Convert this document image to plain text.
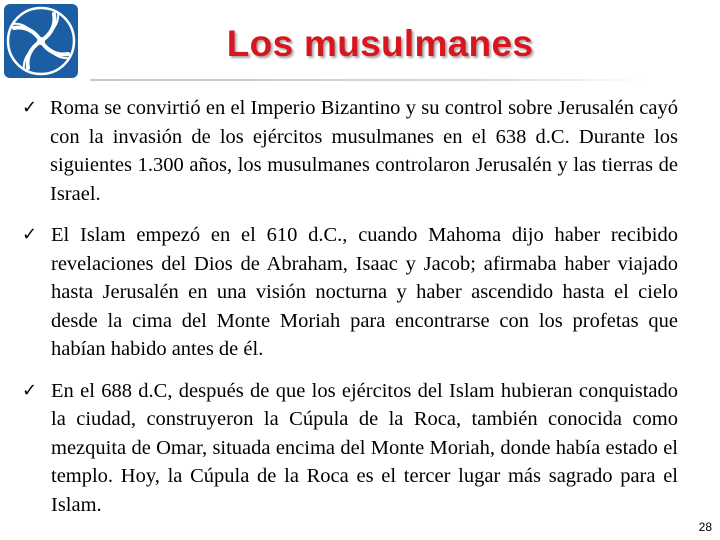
Los musulmanes
✓ Roma se convirtió en el Imperio Bizantino y su control sobre Jerusalén cayó con la invasión de los ejércitos musulmanes en el 638 d.C. Durante los siguientes 1.300 años, los musulmanes controlaron Jerusalén y las tierras de Israel.
✓ El Islam empezó en el 610 d.C., cuando Mahoma dijo haber recibido revelaciones del Dios de Abraham, Isaac y Jacob; afirmaba haber viajado hasta Jerusalén en una visión nocturna y haber ascendido hasta el cielo desde la cima del Monte Moriah para encontrarse con los profetas que habían habido antes de él.
✓ En el 688 d.C, después de que los ejércitos del Islam hubieran conquistado la ciudad, construyeron la Cúpula de la Roca, también conocida como mezquita de Omar, situada encima del Monte Moriah, donde había estado el templo. Hoy, la Cúpula de la Roca es el tercer lugar más sagrado para el Islam.
28
